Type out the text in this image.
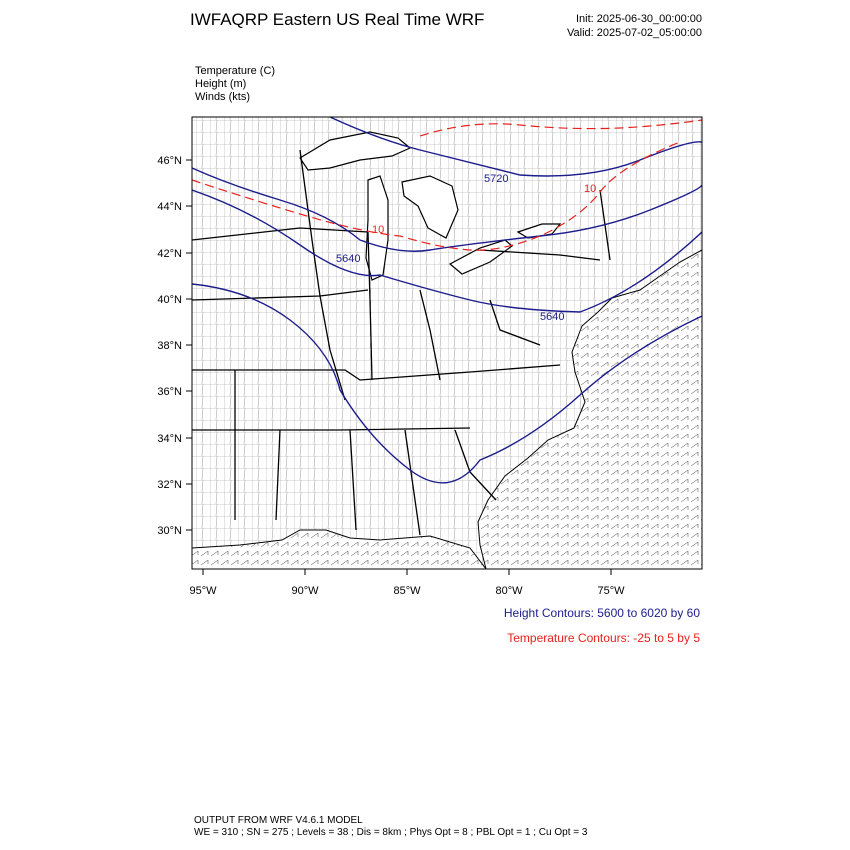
IWFAQRP Eastern US Real Time WRF	Init: 2025-06-30_00:00:00
Valid: 2025-07-02_05:00:00
Temperature (C)
Height (m)
Winds (kts)
5720
5640
5640
10
10
46°N
44°N
42°N
40°N
38°N
36°N
34°N
32°N
30°N
95°W	90°W	85°W	80°W	75°W
Height Contours: 5600 to 6020 by 60
Temperature Contours: -25 to 5 by 5
OUTPUT FROM WRF V4.6.1 MODEL
WE = 310 ; SN = 275 ; Levels = 38 ; Dis = 8km ; Phys Opt = 8 ; PBL Opt = 1 ; Cu Opt = 3
